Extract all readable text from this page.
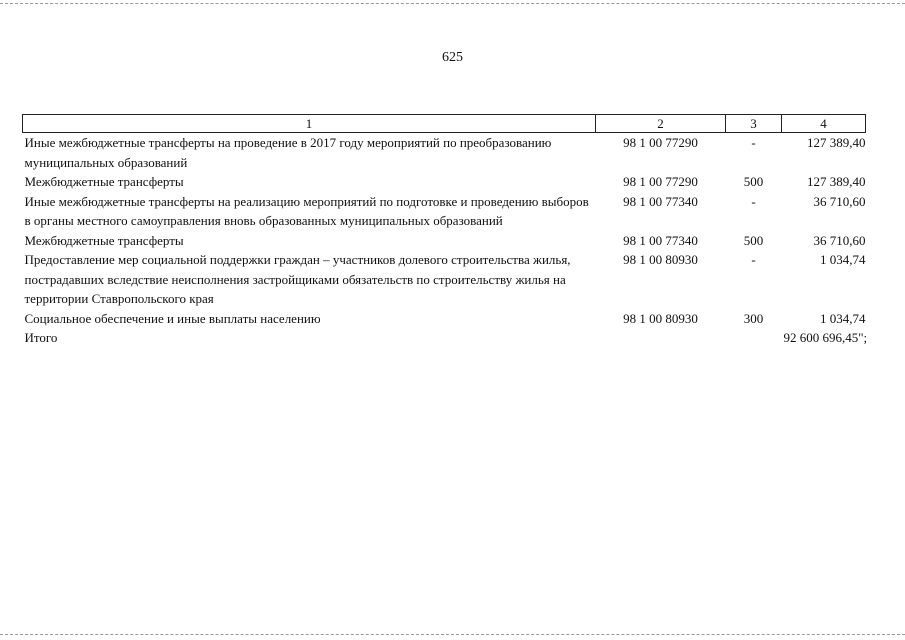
625
1	2	3	4
Иные межбюджетные трансферты на проведение в 2017 году мероприятий по преобразованию муниципальных образований	98 1 00 77290	-	127 389,40
Межбюджетные трансферты	98 1 00 77290	500	127 389,40
Иные межбюджетные трансферты на реализацию мероприятий по подготовке и проведению выборов в органы местного самоуправления вновь образованных муниципальных образований	98 1 00 77340	-	36 710,60
Межбюджетные трансферты	98 1 00 77340	500	36 710,60
Предоставление мер социальной поддержки граждан – участников долевого строительства жилья, пострадавших вследствие неисполнения застройщиками обязательств по строительству жилья на территории Ставропольского края	98 1 00 80930	-	1 034,74
Социальное обеспечение и иные выплаты населению	98 1 00 80930	300	1 034,74
Итого			92 600 696,45";
